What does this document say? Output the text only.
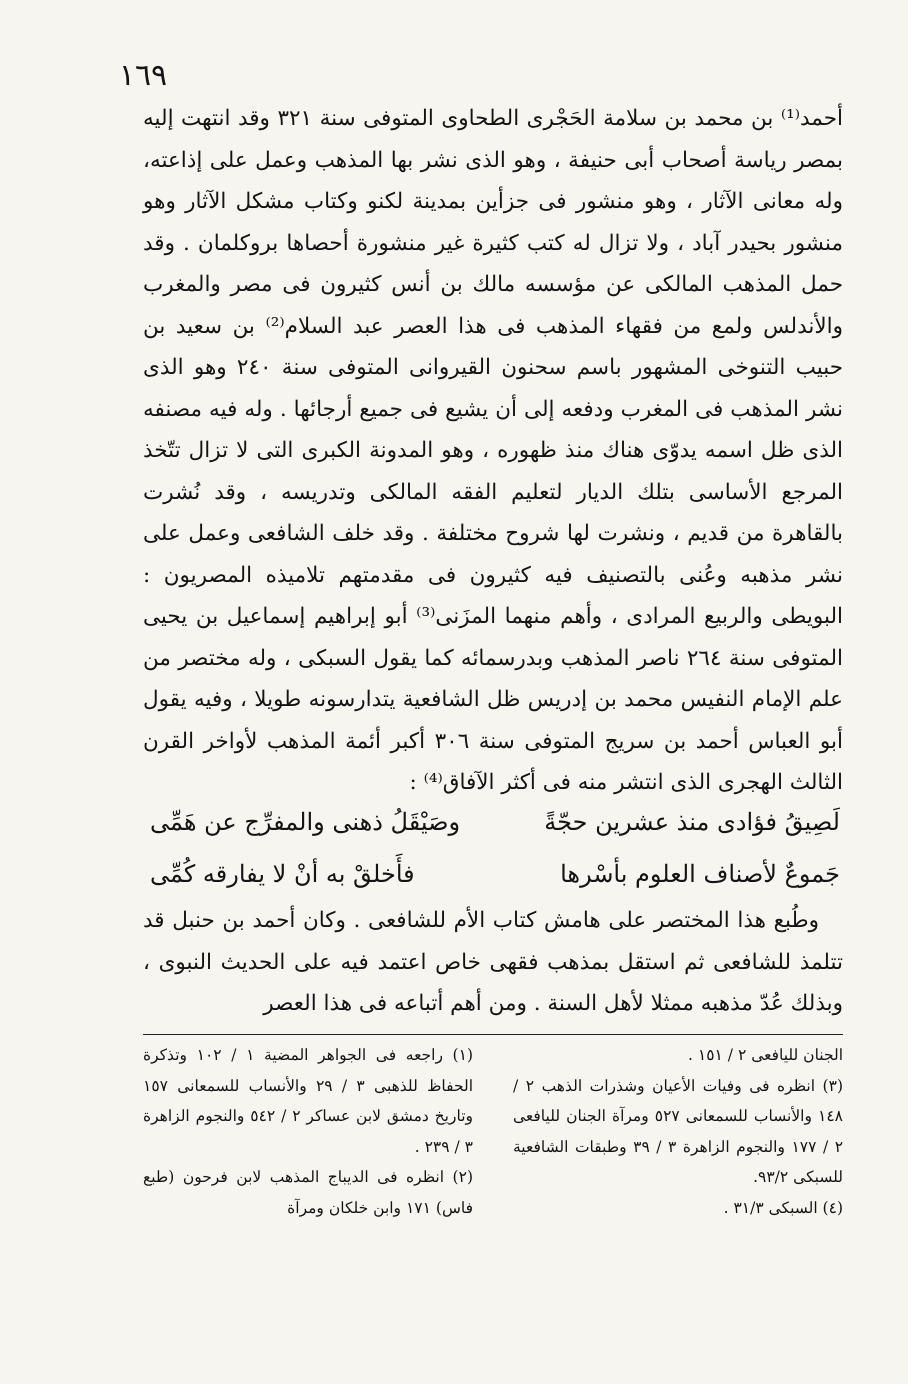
١٦٩

أحمد⁽¹⁾ بن محمد بن سلامة الحَجْرى الطحاوى المتوفى سنة ٣٢١ وقد انتهت إليه بمصر رياسة أصحاب أبى حنيفة ، وهو الذى نشر بها المذهب وعمل على إذاعته، وله معانى الآثار ، وهو منشور فى جزأين بمدينة لكنو وكتاب مشكل الآثار وهو منشور بحيدر آباد ، ولا تزال له كتب كثيرة غير منشورة أحصاها بروكلمان . وقد حمل المذهب المالكى عن مؤسسه مالك بن أنس كثيرون فى مصر والمغرب والأندلس ولمع من فقهاء المذهب فى هذا العصر عبد السلام⁽²⁾ بن سعيد بن حبيب التنوخى المشهور باسم سحنون القيروانى المتوفى سنة ٢٤٠ وهو الذى نشر المذهب فى المغرب ودفعه إلى أن يشيع فى جميع أرجائها . وله فيه مصنفه الذى ظل اسمه يدوّى هناك منذ ظهوره ، وهو المدونة الكبرى التى لا تزال تتّخذ المرجع الأساسى بتلك الديار لتعليم الفقه المالكى وتدريسه ، وقد نُشرت بالقاهرة من قديم ، ونشرت لها شروح مختلفة . وقد خلف الشافعى وعمل على نشر مذهبه وعُنى بالتصنيف فيه كثيرون فى مقدمتهم تلاميذه المصريون : البويطى والربيع المرادى ، وأهم منهما المزَنى⁽³⁾ أبو إبراهيم إسماعيل بن يحيى المتوفى سنة ٢٦٤ ناصر المذهب وبدرسمائه كما يقول السبكى ، وله مختصر من علم الإمام النفيس محمد بن إدريس ظل الشافعية يتدارسونه طويلا ، وفيه يقول أبو العباس أحمد بن سريج المتوفى سنة ٣٠٦ أكبر أئمة المذهب لأواخر القرن الثالث الهجرى الذى انتشر منه فى أكثر الآفاق⁽⁴⁾ :

لَصِيقُ فؤادى منذ عشرين حجّةً
وصَيْقَلُ ذهنى والمفرِّج عن هَمِّى
جَموعٌ لأصناف العلوم بأسْرها
فأَخلقْ به أنْ لا يفارقه كُمِّى

وطُبع هذا المختصر على هامش كتاب الأم للشافعى . وكان أحمد بن حنبل قد تتلمذ للشافعى ثم استقل بمذهب فقهى خاص اعتمد فيه على الحديث النبوى ، وبذلك عُدّ مذهبه ممثلا لأهل السنة . ومن أهم أتباعه فى هذا العصر

(١) راجعه فى الجواهر المضية ١ / ١٠٢ وتذكرة الحفاظ للذهبى ٣ / ٢٩ والأنساب للسمعانى ١٥٧ وتاريخ دمشق لابن عساكر ٢ / ٥٤٢ والنجوم الزاهرة ٣ / ٢٣٩ .

(٢) انظره فى الديباج المذهب لابن فرحون (طبع فاس) ١٧١ وابن خلكان ومرآة

الجنان لليافعى ٢ / ١٥١ .

(٣) انظره فى وفيات الأعيان وشذرات الذهب ٢ / ١٤٨ والأنساب للسمعانى ٥٢٧ ومرآة الجنان لليافعى ٢ / ١٧٧ والنجوم الزاهرة ٣ / ٣٩ وطبقات الشافعية للسبكى ٩٣/٢.

(٤) السبكى ٣١/٣ .
